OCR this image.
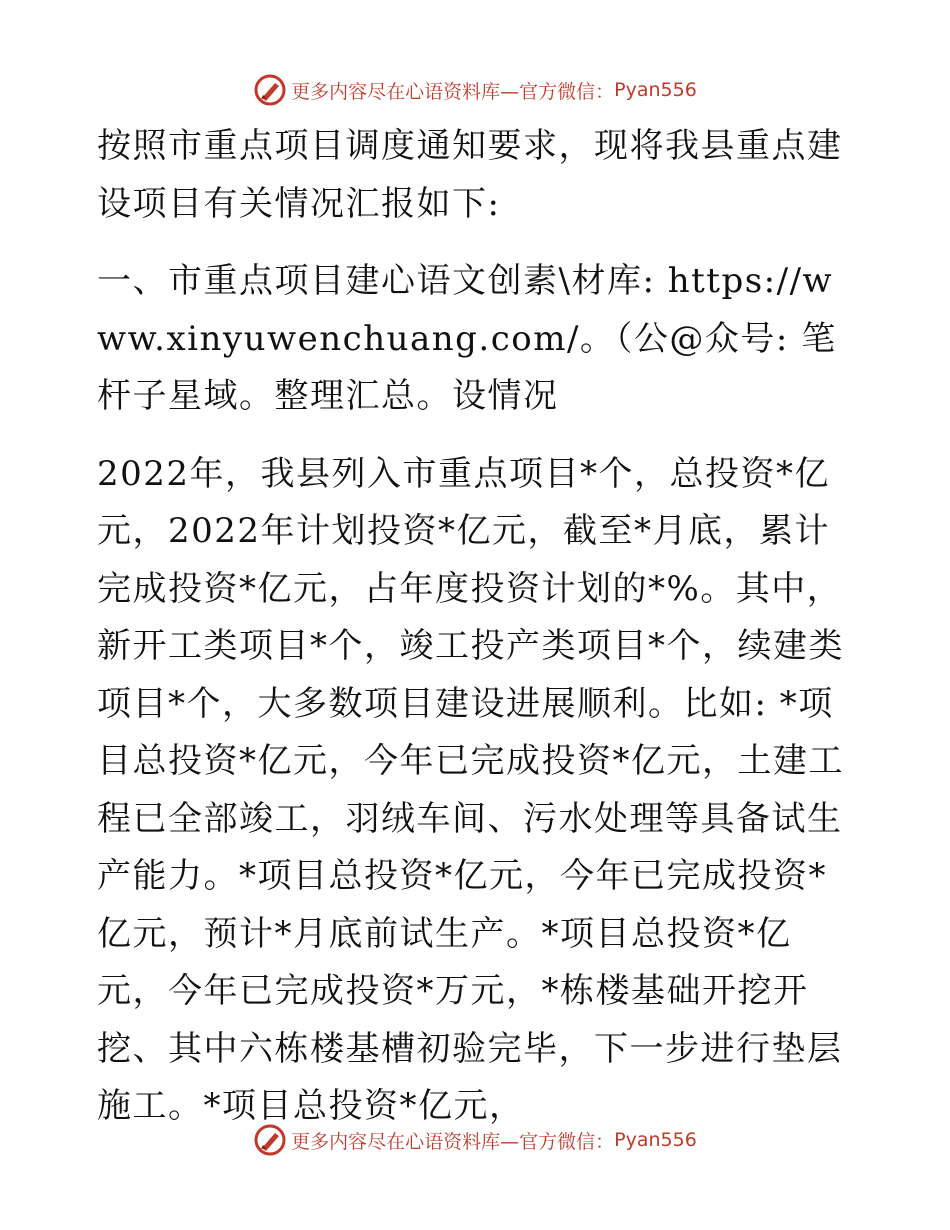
更多内容尽在心语资料库—官方微信： Pyan556

按照市重点项目调度通知要求，现将我县重点建设项目有关情况汇报如下:

一、市重点项目建心语文创素\材库: https://www.xinyuwenchuang.com/。（公@众号: 笔杆子星域。整理汇总。设情况

2022年，我县列入市重点项目*个，总投资*亿元，2022年计划投资*亿元，截至*月底，累计完成投资*亿元，占年度投资计划的*%。其中，新开工类项目*个，竣工投产类项目*个，续建类项目*个，大多数项目建设进展顺利。比如: *项目总投资*亿元，今年已完成投资*亿元，土建工程已全部竣工，羽绒车间、污水处理等具备试生产能力。*项目总投资*亿元，今年已完成投资*亿元，预计*月底前试生产。*项目总投资*亿元，今年已完成投资*万元，*栋楼基础开挖开挖、其中六栋楼基槽初验完毕，下一步进行垫层施工。*项目总投资*亿元，

更多内容尽在心语资料库—官方微信： Pyan556
